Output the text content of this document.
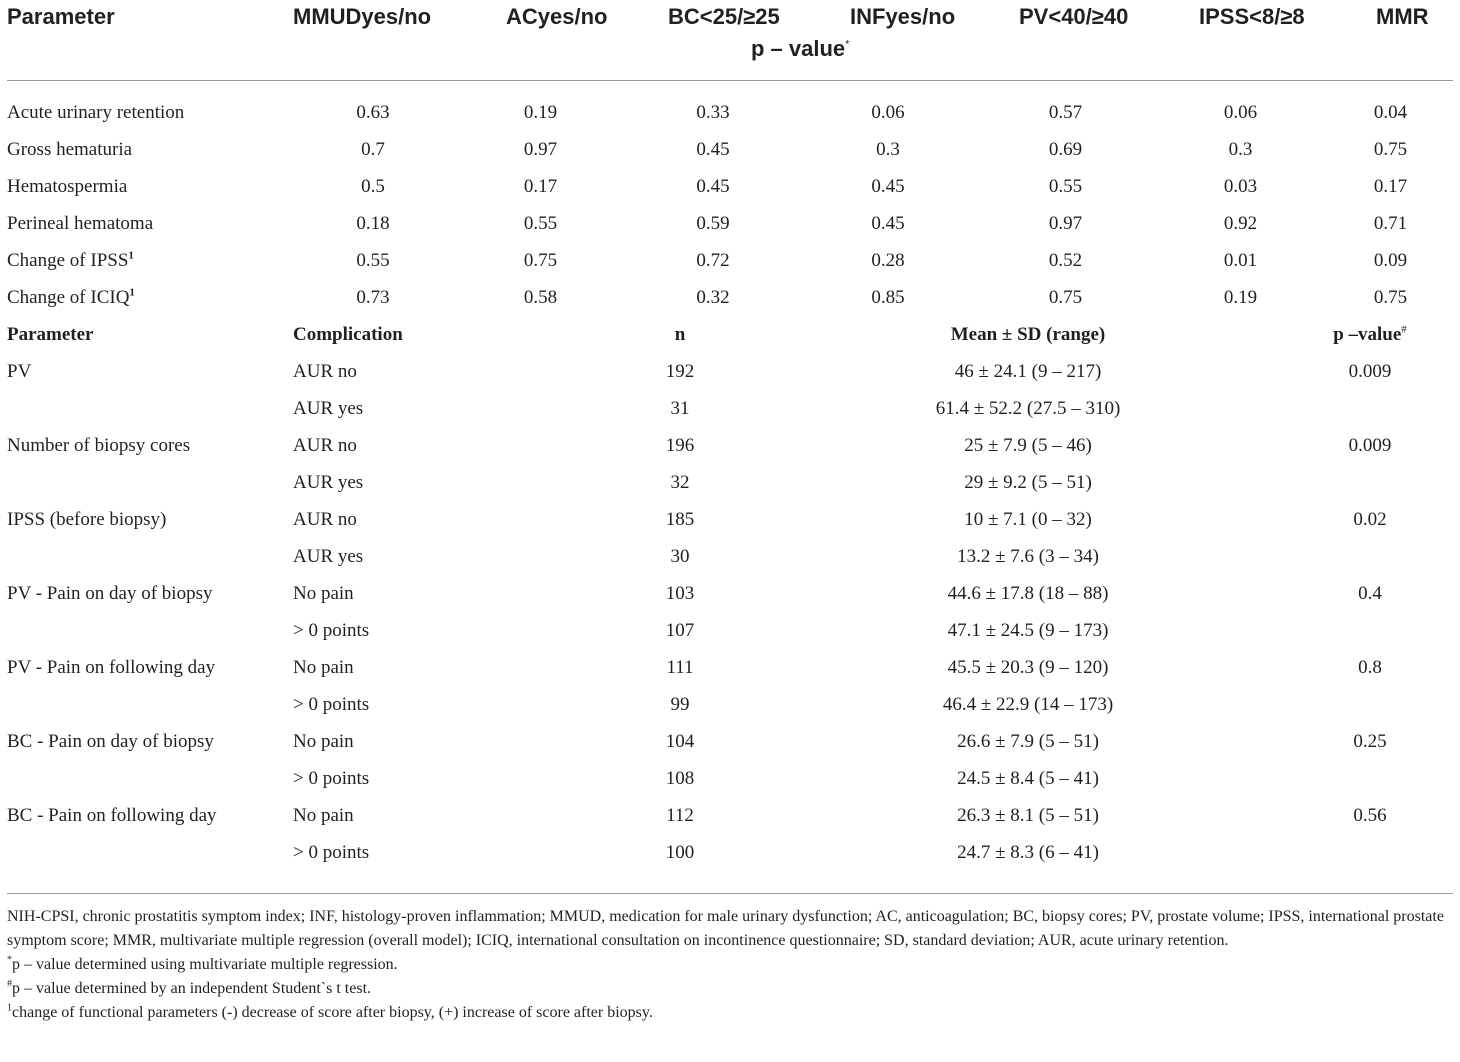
Parameter	MMUDyes/no	ACyes/no	BC<25/≥25	INFyes/no	PV<40/≥40	IPSS<8/≥8	MMR
p – value*
Acute urinary retention	0.63	0.19	0.33	0.06	0.57	0.06	0.04
Gross hematuria	0.7	0.97	0.45	0.3	0.69	0.3	0.75
Hematospermia	0.5	0.17	0.45	0.45	0.55	0.03	0.17
Perineal hematoma	0.18	0.55	0.59	0.45	0.97	0.92	0.71
Change of IPSS$^1$	0.55	0.75	0.72	0.28	0.52	0.01	0.09
Change of ICIQ$^1$	0.73	0.58	0.32	0.85	0.75	0.19	0.75
Parameter	Complication	n	Mean ± SD (range)	p –value#
PV	AUR no	192	46 ± 24.1 (9 – 217)	0.009
	AUR yes	31	61.4 ± 52.2 (27.5 – 310)	
Number of biopsy cores	AUR no	196	25 ± 7.9 (5 – 46)	0.009
	AUR yes	32	29 ± 9.2 (5 – 51)	
IPSS (before biopsy)	AUR no	185	10 ± 7.1 (0 – 32)	0.02
	AUR yes	30	13.2 ± 7.6 (3 – 34)	
PV - Pain on day of biopsy	No pain	103	44.6 ± 17.8 (18 – 88)	0.4
	> 0 points	107	47.1 ± 24.5 (9 – 173)	
PV - Pain on following day	No pain	111	45.5 ± 20.3 (9 – 120)	0.8
	> 0 points	99	46.4 ± 22.9 (14 – 173)	
BC - Pain on day of biopsy	No pain	104	26.6 ± 7.9 (5 – 51)	0.25
	> 0 points	108	24.5 ± 8.4 (5 – 41)	
BC - Pain on following day	No pain	112	26.3 ± 8.1 (5 – 51)	0.56
	> 0 points	100	24.7 ± 8.3 (6 – 41)	

NIH-CPSI, chronic prostatitis symptom index; INF, histology-proven inflammation; MMUD, medication for male urinary dysfunction; AC, anticoagulation; BC, biopsy cores; PV, prostate volume; IPSS, international prostate symptom score; MMR, multivariate multiple regression (overall model); ICIQ, international consultation on incontinence questionnaire; SD, standard deviation; AUR, acute urinary retention.

*p – value determined using multivariate multiple regression.

#p – value determined by an independent Student`s t test.

$^1$change of functional parameters (-) decrease of score after biopsy, (+) increase of score after biopsy.
